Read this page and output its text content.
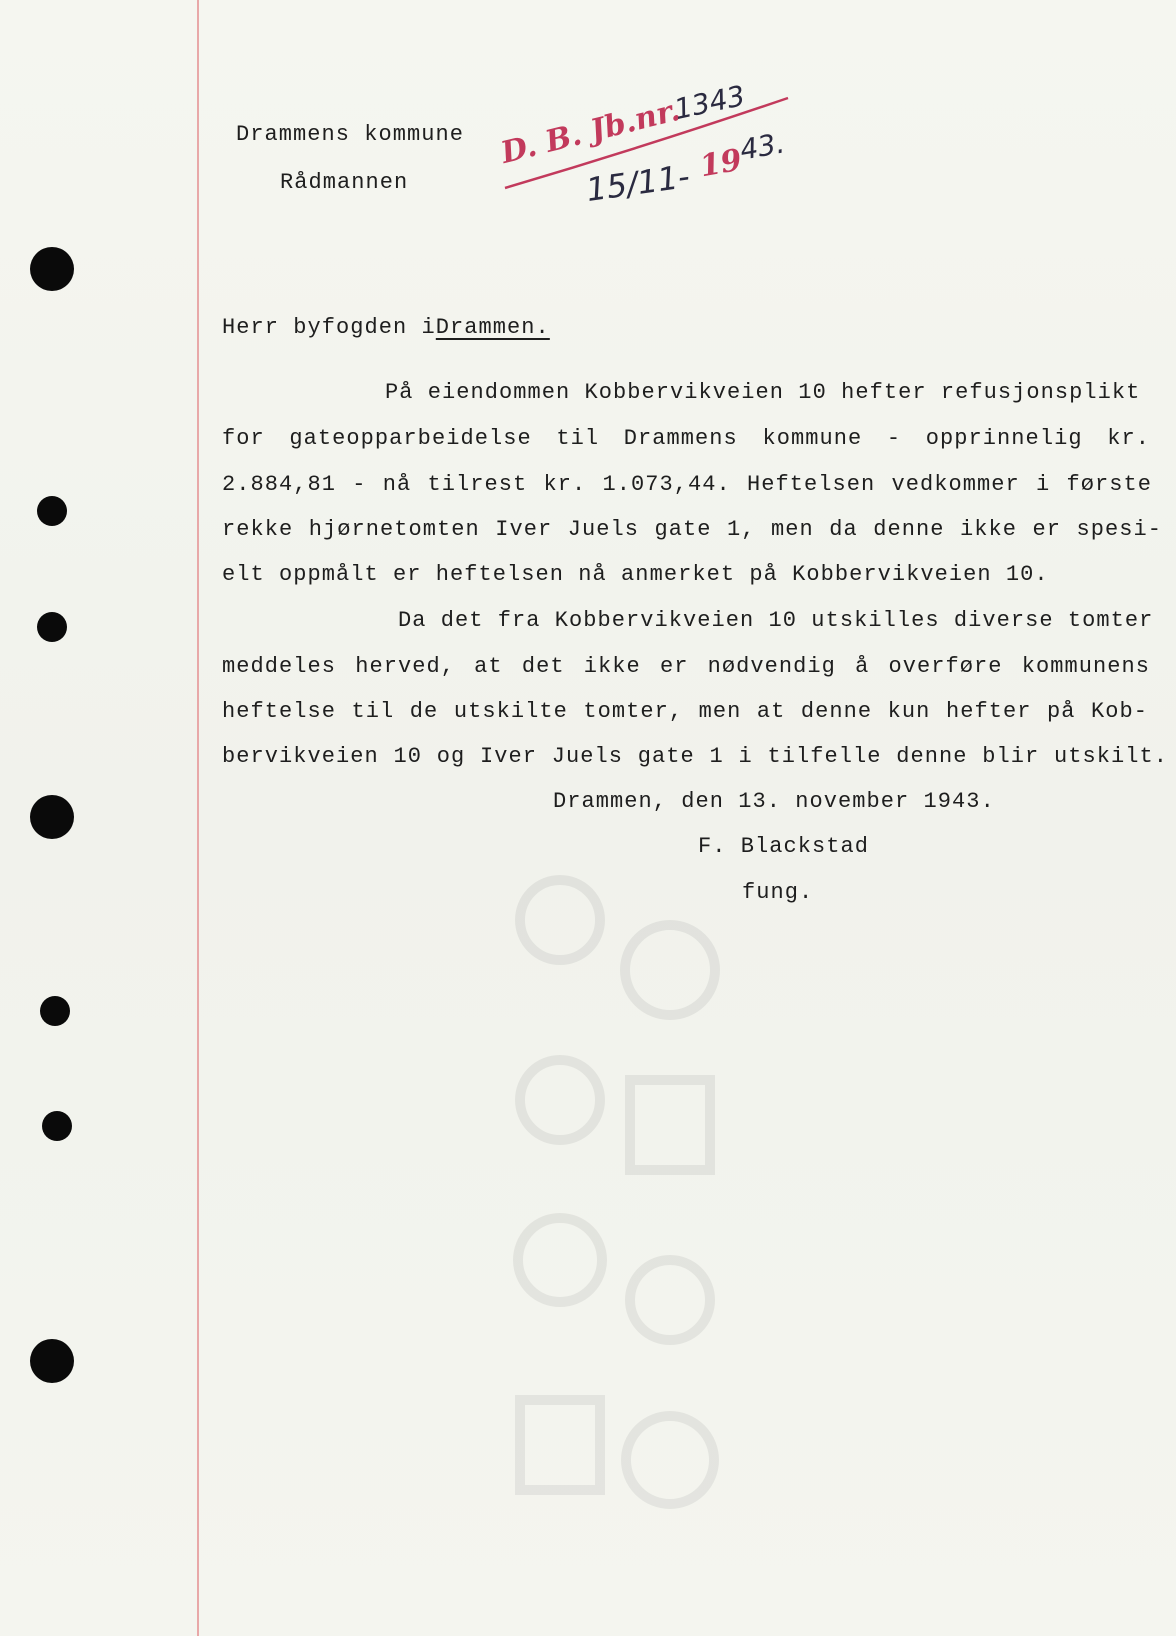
Drammens kommune
Rådmannen
D. B. Jb.nr.
1343
15/11- 19
43.
Herr byfogden iDrammen.
På eiendommen Kobbervikveien 10 hefter refusjonsplikt
for gateopparbeidelse til Drammens kommune - opprinnelig kr.
2.884,81 - nå tilrest kr. 1.073,44. Heftelsen vedkommer i første
rekke hjørnetomten Iver Juels gate 1, men da denne ikke er spesi-
elt oppmålt er heftelsen nå anmerket på Kobbervikveien 10.
Da det fra Kobbervikveien 10 utskilles diverse tomter
meddeles herved, at det ikke er nødvendig å overføre kommunens
heftelse til de utskilte tomter, men at denne kun hefter på Kob-
bervikveien 10 og Iver Juels gate 1 i tilfelle denne blir utskilt.
Drammen, den 13. november 1943.
F. Blackstad
fung.
